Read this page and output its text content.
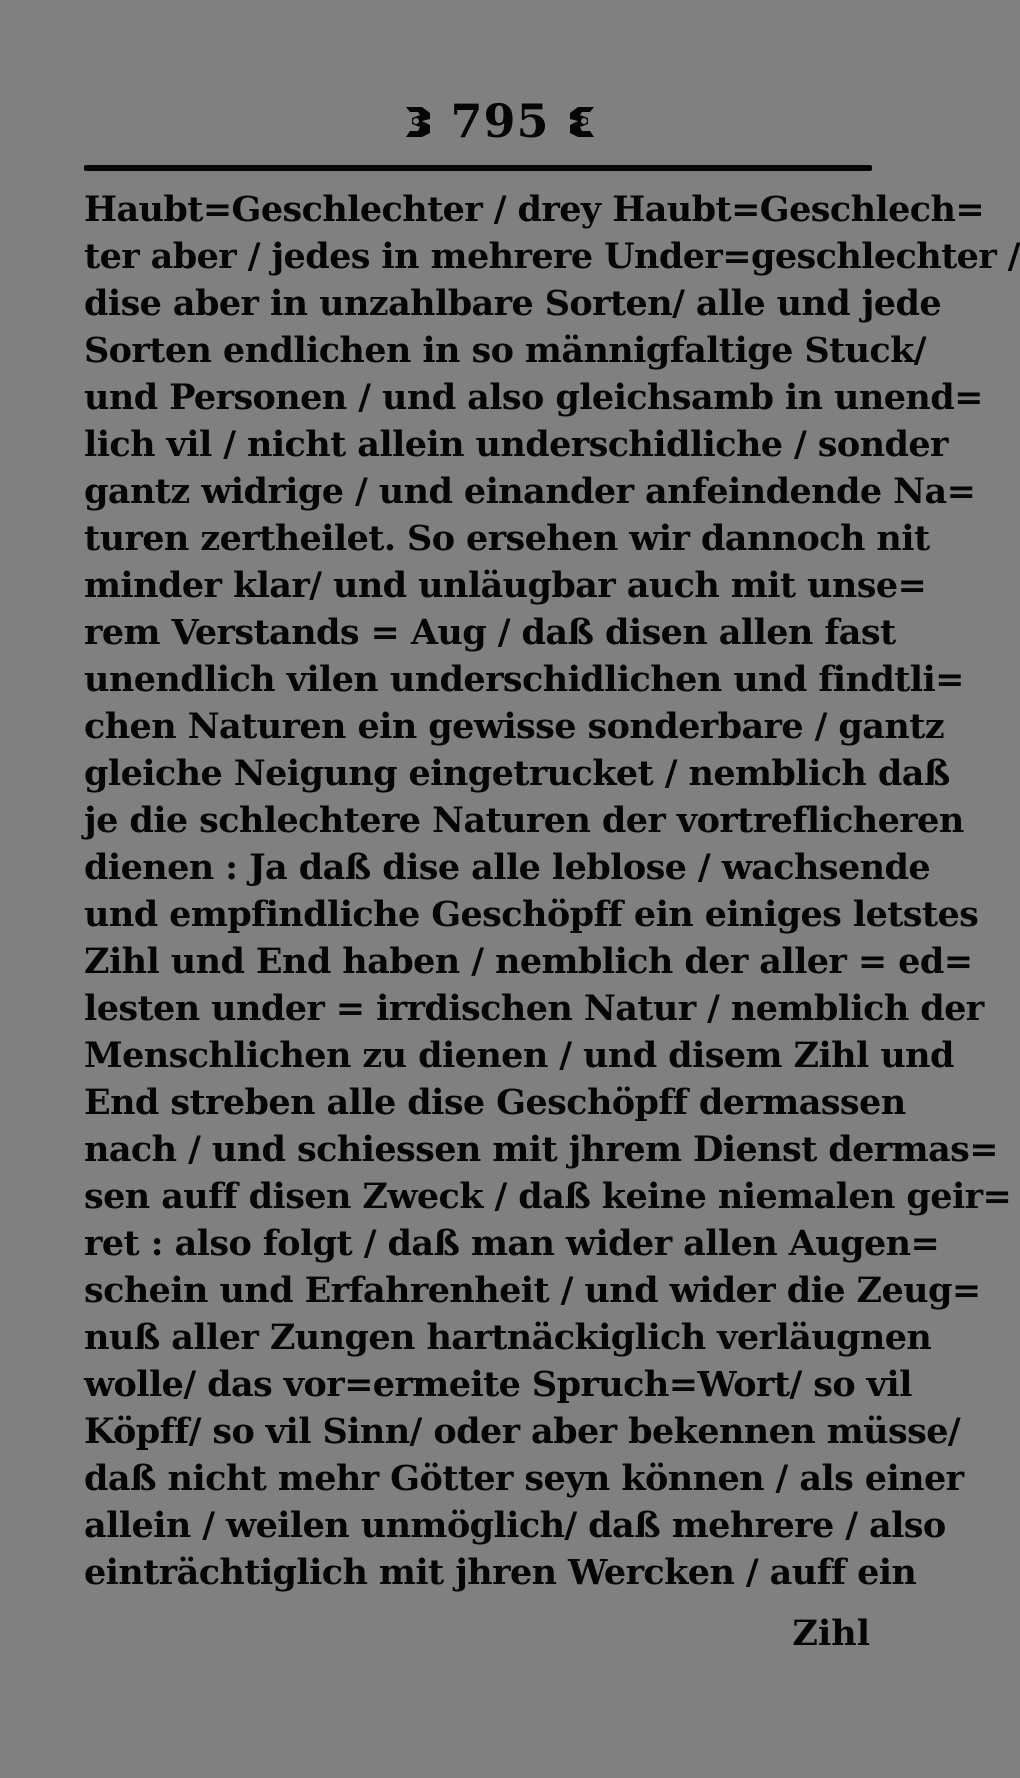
795
Haubt=Geschlechter / drey Haubt=Geschlech=
ter aber / jedes in mehrere Under=geschlechter /
dise aber in unzahlbare Sorten/ alle und jede
Sorten endlichen in so männigfaltige Stuck/
und Personen / und also gleichsamb in unend=
lich vil / nicht allein underschidliche / sonder
gantz widrige / und einander anfeindende Na=
turen zertheilet. So ersehen wir dannoch nit
minder klar/ und unläugbar auch mit unse=
rem Verstands = Aug / daß disen allen fast
unendlich vilen underschidlichen und findtli=
chen Naturen ein gewisse sonderbare / gantz
gleiche Neigung eingetrucket / nemblich daß
je die schlechtere Naturen der vortreflicheren
dienen : Ja daß dise alle leblose / wachsende
und empfindliche Geschöpff ein einiges letstes
Zihl und End haben / nemblich der aller = ed=
lesten under = irrdischen Natur / nemblich der
Menschlichen zu dienen / und disem Zihl und
End streben alle dise Geschöpff dermassen
nach / und schiessen mit jhrem Dienst dermas=
sen auff disen Zweck / daß keine niemalen geir=
ret : also folgt / daß man wider allen Augen=
schein und Erfahrenheit / und wider die Zeug=
nuß aller Zungen hartnäckiglich verläugnen
wolle/ das vor=ermeite Spruch=Wort/ so vil
Köpff/ so vil Sinn/ oder aber bekennen müsse/
daß nicht mehr Götter seyn können / als einer
allein / weilen unmöglich/ daß mehrere / also
einträchtiglich mit jhren Wercken / auff ein
Zihl
